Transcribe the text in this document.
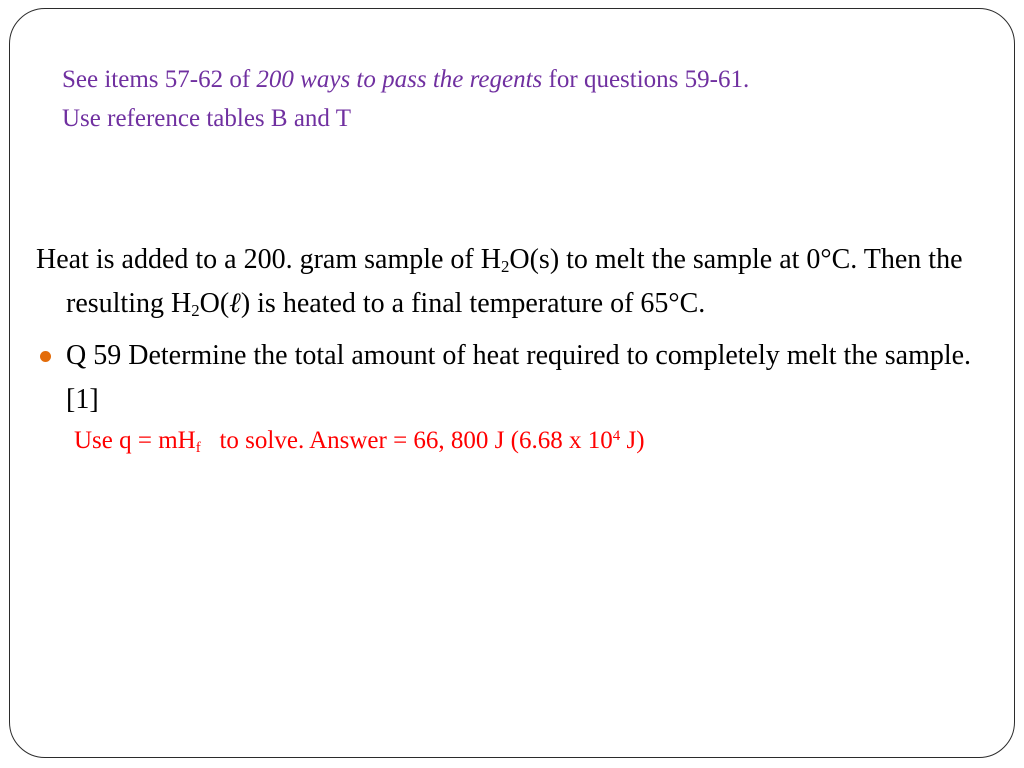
See items 57-62 of 200 ways to pass the regents for questions 59-61.
Use reference tables B and T

Heat is added to a 200. gram sample of $H_2O(s)$ to melt the sample at 0°C. Then the resulting $H_2O(\ell)$ is heated to a final temperature of 65°C.

Q 59 Determine the total amount of heat required to completely melt the sample. [1]

Use $q = mH_f$ to solve. Answer = 66, 800 J (6.68 x $10^4$ J)
